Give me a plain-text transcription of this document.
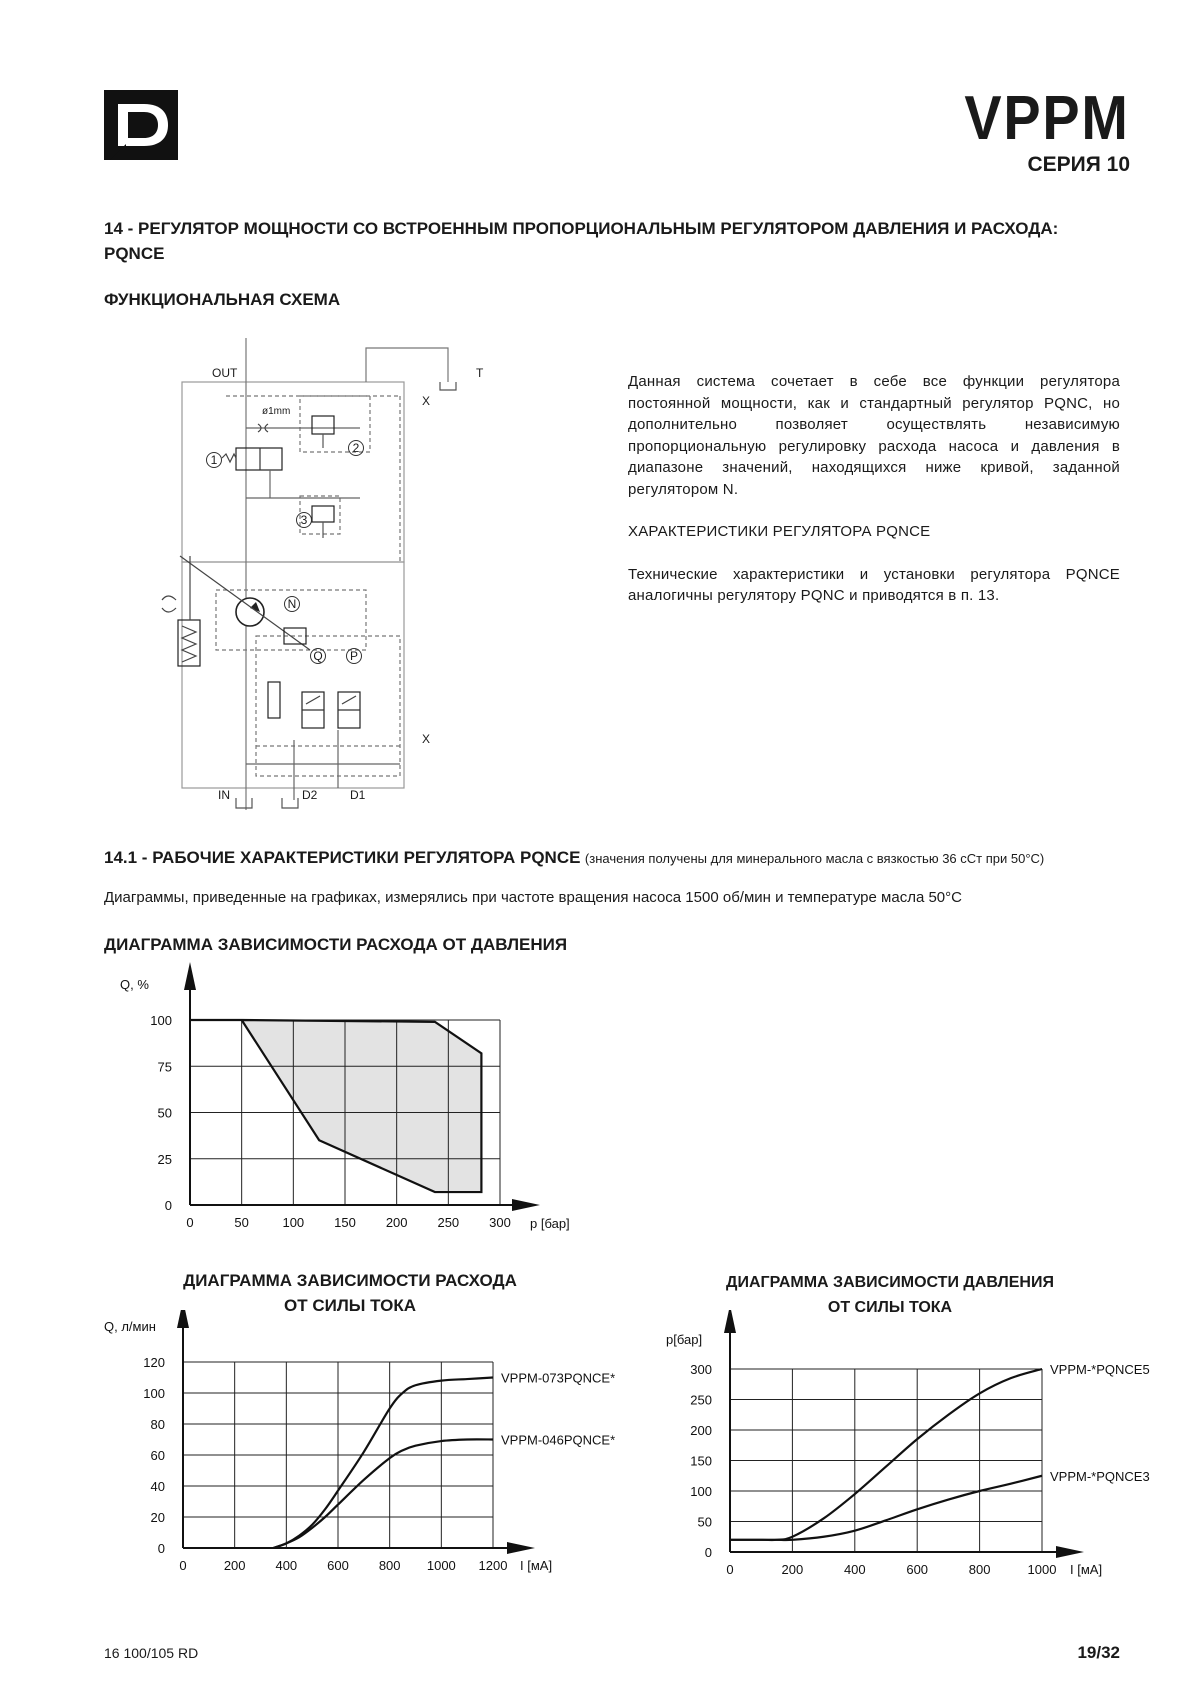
VPPM
СЕРИЯ 10
14 - РЕГУЛЯТОР МОЩНОСТИ СО ВСТРОЕННЫМ ПРОПОРЦИОНАЛЬНЫМ РЕГУЛЯТОРОМ ДАВЛЕНИЯ И РАСХОДА: PQNCE
ФУНКЦИОНАЛЬНАЯ СХЕМА
OUT	T
X
X
ø1mm
1
2
3
N
Q	P
IN	D2	D1

Данная система сочетает в себе все функции регулятора постоянной мощности, как и стандартный регулятор PQNC, но дополнительно позволяет осуществлять независимую пропорциональную регулировку расхода насоса и давления в диапазоне значений, находящихся ниже кривой, заданной регулятором N.

ХАРАКТЕРИСТИКИ РЕГУЛЯТОРА PQNCE

Технические характеристики и установки регулятора PQNCE аналогичны регулятору PQNC и приводятся в п. 13.

14.1 - РАБОЧИЕ ХАРАКТЕРИСТИКИ РЕГУЛЯТОРА PQNCE (значения получены для минерального масла с вязкостью 36 сСт при 50°C)
Диаграммы, приведенные на графиках, измерялись при частоте вращения насоса 1500 об/мин и температуре масла 50°C
ДИАГРАММА ЗАВИСИМОСТИ РАСХОДА ОТ ДАВЛЕНИЯ
0	50	100 150 200 250 300
0
25
50
75
100
p [бар]
Q, %
ДИАГРАММА ЗАВИСИМОСТИ РАСХОДА
ОТ СИЛЫ ТОКА
ДИАГРАММА ЗАВИСИМОСТИ ДАВЛЕНИЯ
ОТ СИЛЫ ТОКА
0	200 400 600 800 1000 1200
0
20
40
60
80
100
120
I [мА]
Q, л/мин
VPPM-073PQNCE*
VPPM-046PQNCE*
0	200	400	600	800	1000
0
50
100
150
200
250
300
I [мА]
р[бар]
VPPM-*PQNCE5
VPPM-*PQNCE3
16 100/105 RD	19/32
